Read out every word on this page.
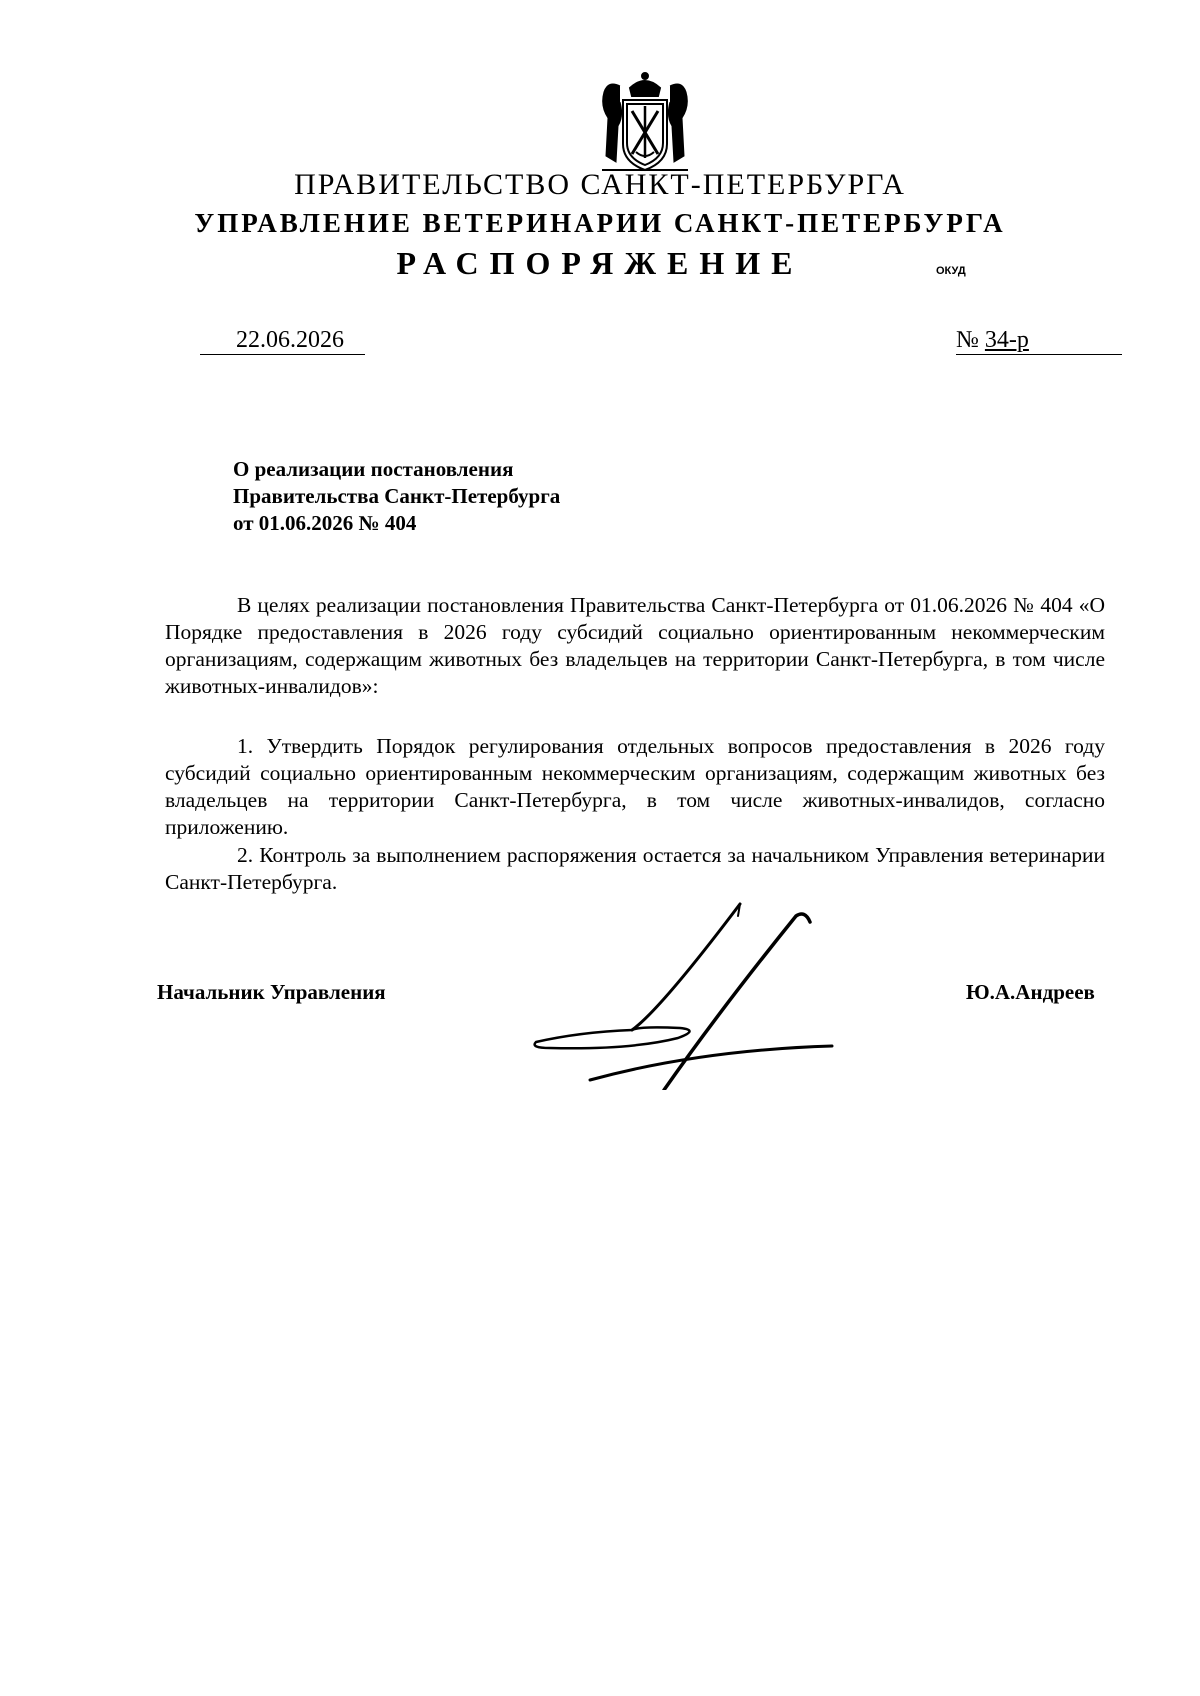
ПРАВИТЕЛЬСТВО САНКТ-ПЕТЕРБУРГА
УПРАВЛЕНИЕ ВЕТЕРИНАРИИ САНКТ-ПЕТЕРБУРГА
РАСПОРЯЖЕНИЕ	ОКУД
22.06.2026	№ 34-р
О реализации постановления
Правительства Санкт-Петербурга
от 01.06.2026 № 404
В целях реализации постановления Правительства Санкт-Петербурга от 01.06.2026 № 404 «О Порядке предоставления в 2026 году субсидий социально ориентированным некоммерческим организациям, содержащим животных без владельцев на территории Санкт-Петербурга, в том числе животных-инвалидов»:
1. Утвердить Порядок регулирования отдельных вопросов предоставления в 2026 году субсидий социально ориентированным некоммерческим организациям, содержащим животных без владельцев на территории Санкт-Петербурга, в том числе животных-инвалидов, согласно приложению.
2. Контроль за выполнением распоряжения остается за начальником Управления ветеринарии Санкт-Петербурга.
Начальник Управления	Ю.А.Андреев
